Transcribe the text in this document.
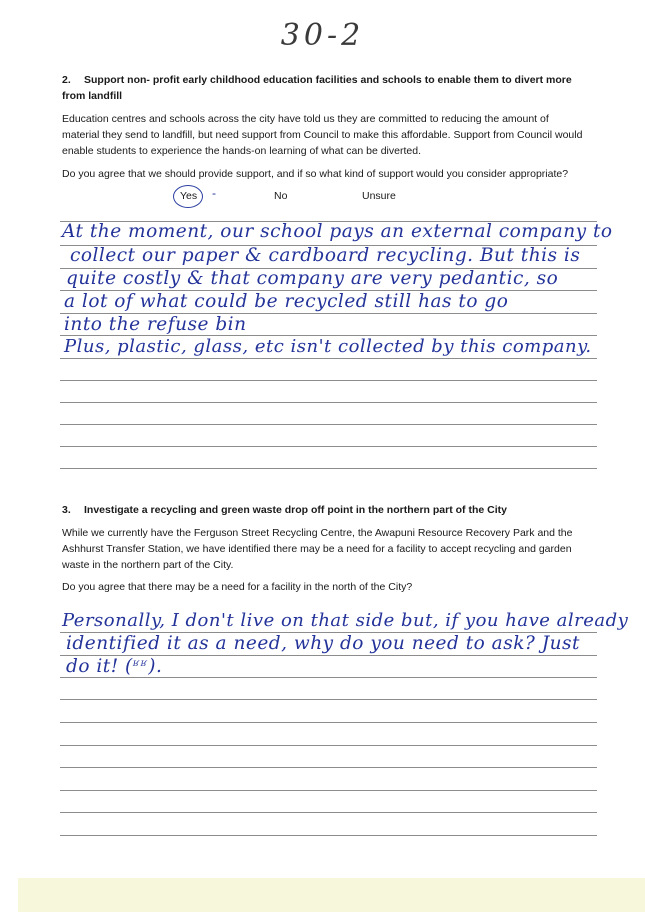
30-2
2. Support non- profit early childhood education facilities and schools to enable them to divert more from landfill
Education centres and schools across the city have told us they are committed to reducing the amount of material they send to landfill, but need support from Council to make this affordable. Support from Council would enable students to experience the hands-on learning of what can be diverted.
Do you agree that we should provide support, and if so what kind of support would you consider appropriate?
Yes -	No	Unsure
At the moment, our school pays an external company to
collect our paper & cardboard recycling. But this is
quite costly & that company are very pedantic, so
a lot of what could be recycled still has to go
into the refuse bin
Plus, plastic, glass, etc isn't collected by this company.
3. Investigate a recycling and green waste drop off point in the northern part of the City
While we currently have the Ferguson Street Recycling Centre, the Awapuni Resource Recovery Park and the Ashhurst Transfer Station, we have identified there may be a need for a facility to accept recycling and garden waste in the northern part of the City.
Do you agree that there may be a need for a facility in the north of the City?
Personally, I don't live on that side but, if you have already
identified it as a need, why do you need to ask? Just
do it! (ʶʶ).
